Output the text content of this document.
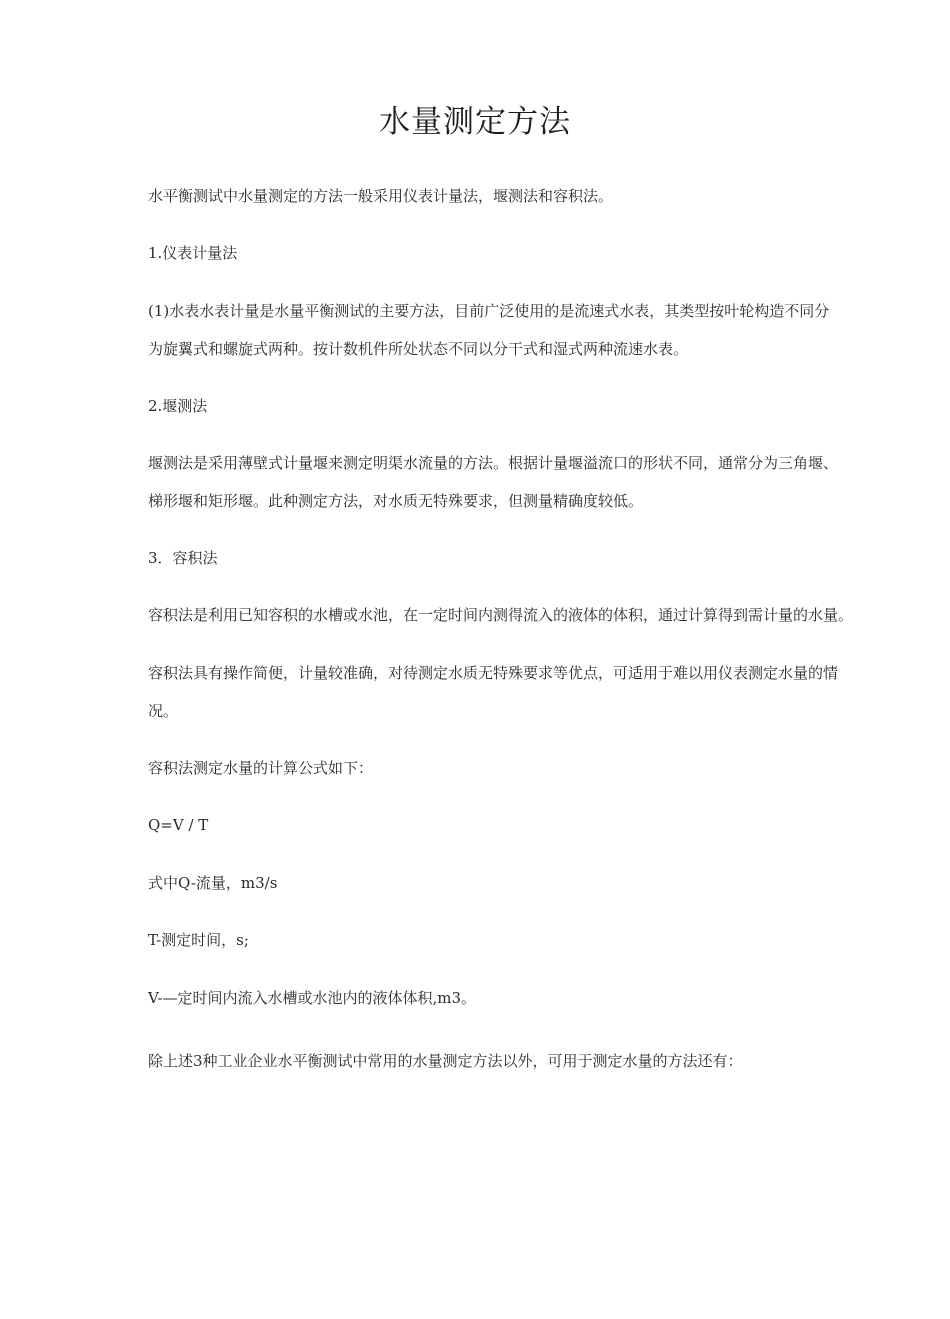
水量测定方法
水平衡测试中水量测定的方法一般采用仪表计量法，堰测法和容积法。
1.仪表计量法
(1)水表水表计量是水量平衡测试的主要方法，目前广泛使用的是流速式水表，其类型按叶轮构造不同分
为旋翼式和螺旋式两种。按计数机件所处状态不同以分干式和湿式两种流速水表。
2.堰测法
堰测法是采用薄壁式计量堰来测定明渠水流量的方法。根据计量堰溢流口的形状不同，通常分为三角堰、
梯形堰和矩形堰。此种测定方法，对水质无特殊要求，但测量精确度较低。
3．容积法
容积法是利用已知容积的水槽或水池，在一定时间内测得流入的液体的体积，通过计算得到需计量的水量。
容积法具有操作简便，计量较准确，对待测定水质无特殊要求等优点，可适用于难以用仪表测定水量的情
况。
容积法测定水量的计算公式如下：
Q=V / T
式中Q-流量，m3/s
T-测定时间，s;
V-—定时间内流入水槽或水池内的液体体积,m3。
除上述3种工业企业水平衡测试中常用的水量测定方法以外，可用于测定水量的方法还有：
